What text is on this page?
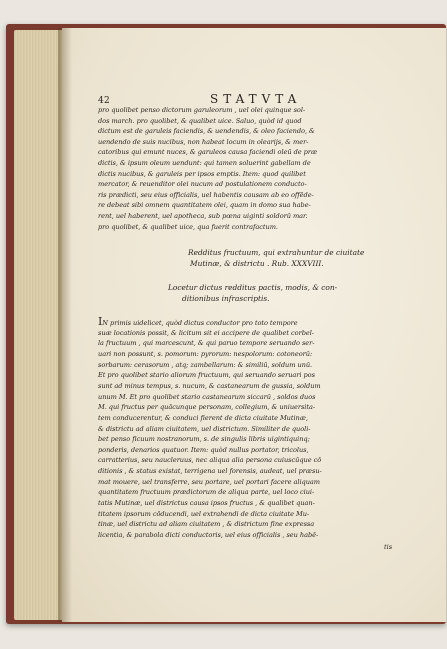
42	STATVTA
pro quolibet penso dictorum garuleorum , uel olei quinque sol-
dos march. pro quolibet, & qualibet uice. Saluo, quòd id quod
dictum est de garuleis faciendis, & uendendis, & oleo faciendo, &
uendendo de suis nucibus, non habeat locum in olearijs, & mer-
catoribus qui emunt nuces, & garuleos causa faciendi oleū de præ
dictis, & ipsum oleum uendunt: qui tamen soluerint gabellam de
dictis nucibus, & garuleis per ipsos emptis. Item: quod quilibet
mercator, & reuenditor olei nucum ad postulationem conducto-
ris prædicti, seu eius officialis, uel habentis causam ab eo offēde-
re debeat sibi omnem quantitatem olei, quam in domo sua habe-
rent, uel haberent, uel apotheca, sub pœna uiginti soldorū mar.
pro quolibet, & qualibet uice, qua fuerit contrafactum.
Redditus fructuum, qui extrahuntur de ciuitate
Mutinæ, & districtu . Rub. XXXVIII.
Locetur dictus redditus pactis, modis, & con-
ditionibus infrascriptis.
IN primis uidelicet, quòd dictus conductor pro toto tempore
suæ locationis possit, & licitum sit ei accipere de qualibet corbel-
la fructuum , qui marcescunt, & qui paruo tempore seruando ser-
uari non possunt, s. pomorum: pyrorum: nespolorum: cotoneorū:
sorbarum: cerasorum , atq; zambellarum: & similiū, soldum unū.
Et pro quolibet stario aliorum fructuum, qui seruando seruari pos
sunt ad minus tempus, s. nucum, & castanearum de gussia, soldum
unum M. Et pro quolibet stario castanearum siccarū , soldos duos
M. qui fructus per quācunque personam, collegium, & uniuersita-
tem conducerentur, & conduci fierent de dicta ciuitate Mutinæ,
& districtu ad aliam ciuitatem, uel districtum. Similiter de quoli-
bet penso ficuum nostranorum, s. de singulis libris uigintiquinq;
ponderis, denarios quatuor. Item: quòd nullus portator, tricolus,
carratterius, seu naucleruus, nec aliqua alia persona cuiuscūque cō
ditionis , & status existat, terrigena uel forensis, audeat, uel præsu-
mat mouere, uel transferre, seu portare, uel portari facere aliquam
quantitatem fructuum prædictorum de aliqua parte, uel loco ciui-
tatis Mutinæ, uel districtus causa ipsos fructus , & qualibet quan-
titatem ipsorum cōducendi, uel extrahendi de dicta ciuitate Mu-
tinæ, uel districtu ad aliam ciuitatem , & districtum fine expressa
licentia, & parabola dicti conductoris, uel eius officialis , seu habē-
tis
